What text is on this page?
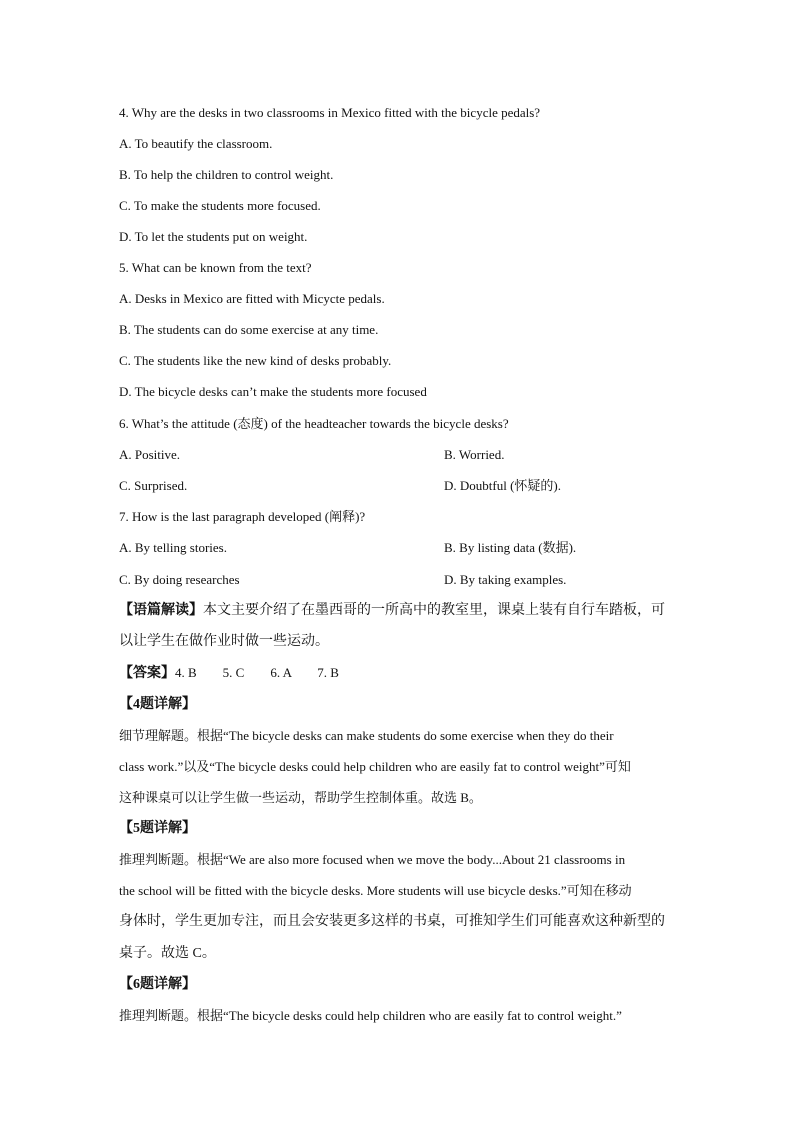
4. Why are the desks in two classrooms in Mexico fitted with the bicycle pedals?
A. To beautify the classroom.
B. To help the children to control weight.
C. To make the students more focused.
D. To let the students put on weight.
5. What can be known from the text?
A. Desks in Mexico are fitted with Micycte pedals.
B. The students can do some exercise at any time.
C. The students like the new kind of desks probably.
D. The bicycle desks can’t make the students more focused
6. What’s the attitude (态度) of the headteacher towards the bicycle desks?
A. Positive.	B. Worried.
C. Surprised.	D. Doubtful (怀疑的).
7. How is the last paragraph developed (阐释)?
A. By telling stories.	B. By listing data (数据).
C. By doing researches	D. By taking examples.
【语篇解读】本文主要介绍了在墨西哥的一所高中的教室里，课桌上装有自行车踏板，可
以让学生在做作业时做一些运动。
【答案】4. B        5. C        6. A        7. B
【4题详解】
细节理解题。根据“The bicycle desks can make students do some exercise when they do their
class work.”以及“The bicycle desks could help children who are easily fat to control weight”可知
这种课桌可以让学生做一些运动，帮助学生控制体重。故选 B。
【5题详解】
推理判断题。根据“We are also more focused when we move the body...About 21 classrooms in
the school will be fitted with the bicycle desks. More students will use bicycle desks.”可知在移动
身体时，学生更加专注，而且会安装更多这样的书桌，可推知学生们可能喜欢这种新型的
桌子。故选 C。
【6题详解】
推理判断题。根据“The bicycle desks could help children who are easily fat to control weight.”
